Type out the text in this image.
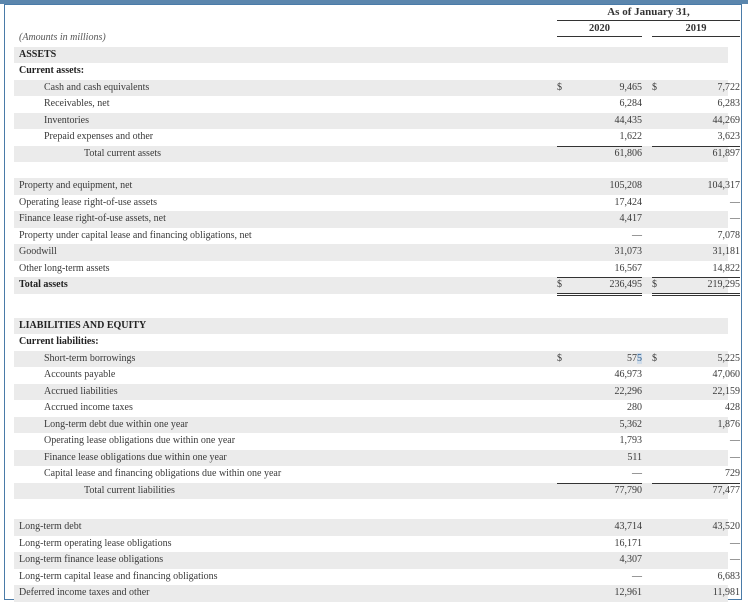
As of January 31,
2020	2019
(Amounts in millions)
ASSETS
Current assets:
Cash and cash equivalents	$	9,465 $	7,722
Receivables, net	6,284	6,283
Inventories	44,435	44,269
Prepaid expenses and other	1,622	3,623
Total current assets	61,806	61,897
Property and equipment, net	105,208	104,317
Operating lease right-of-use assets	17,424	—
Finance lease right-of-use assets, net	4,417	—
Property under capital lease and financing obligations, net	—	7,078
Goodwill	31,073	31,181
Other long-term assets	16,567	14,822
Total assets	$	236,495 $	219,295
LIABILITIES AND EQUITY
Current liabilities:
Short-term borrowings	$	575 $	5,225
Accounts payable	46,973	47,060
Accrued liabilities	22,296	22,159
Accrued income taxes	280	428
Long-term debt due within one year	5,362	1,876
Operating lease obligations due within one year	1,793	—
Finance lease obligations due within one year	511	—
Capital lease and financing obligations due within one year	—	729
Total current liabilities	77,790	77,477
Long-term debt	43,714	43,520
Long-term operating lease obligations	16,171	—
Long-term finance lease obligations	4,307	—
Long-term capital lease and financing obligations	—	6,683
Deferred income taxes and other	12,961	11,981
